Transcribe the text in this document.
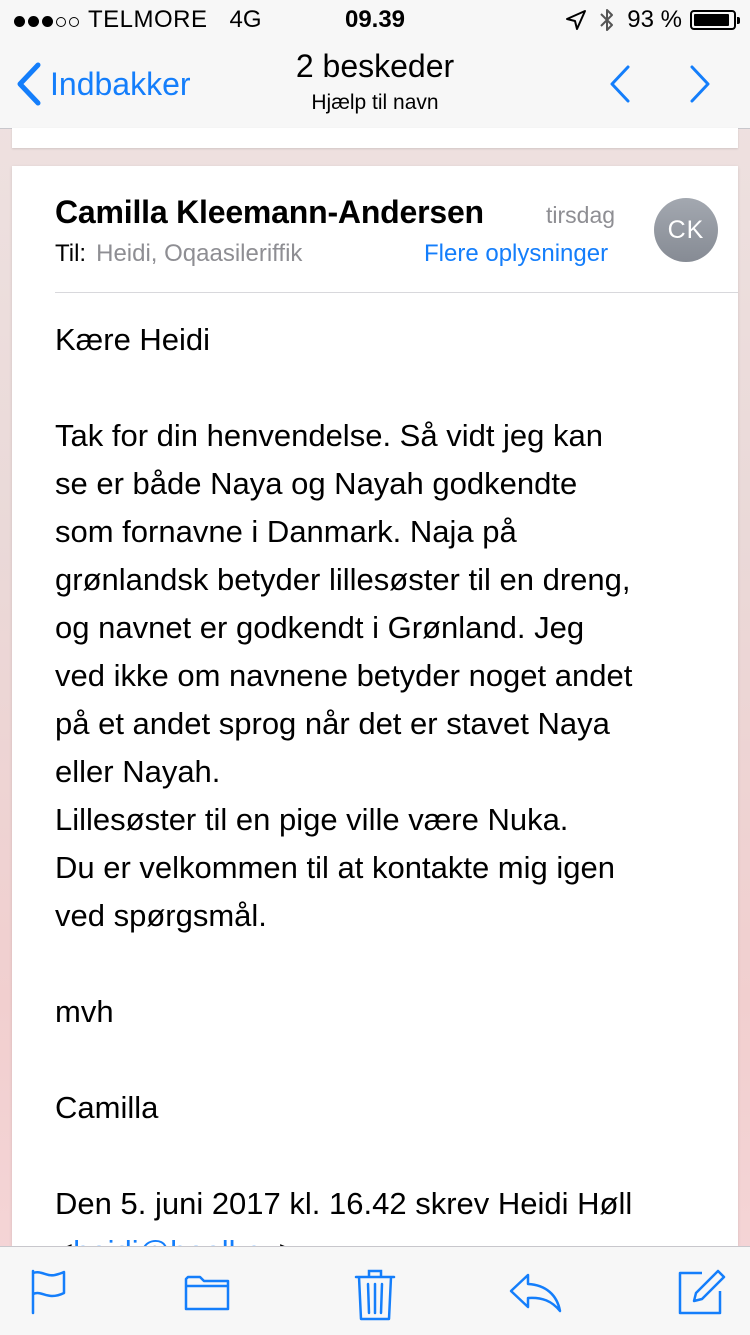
TELMORE 4G	09.39	93 %
Indbakker	2 beskeder
Hjælp til navn
Camilla Kleemann-Andersen	tirsdag
CK
Til: Heidi, Oqaasileriffik	Flere oplysninger

Kære Heidi

Tak for din henvendelse. Så vidt jeg kan
se er både Naya og Nayah godkendte
som fornavne i Danmark. Naja på
grønlandsk betyder lillesøster til en dreng,
og navnet er godkendt i Grønland. Jeg
ved ikke om navnene betyder noget andet
på et andet sprog når det er stavet Naya
eller Nayah.
Lillesøster til en pige ville være Nuka.
Du er velkommen til at kontakte mig igen
ved spørgsmål.

mvh

Camilla

Den 5. juni 2017 kl. 16.42 skrev Heidi Høll
